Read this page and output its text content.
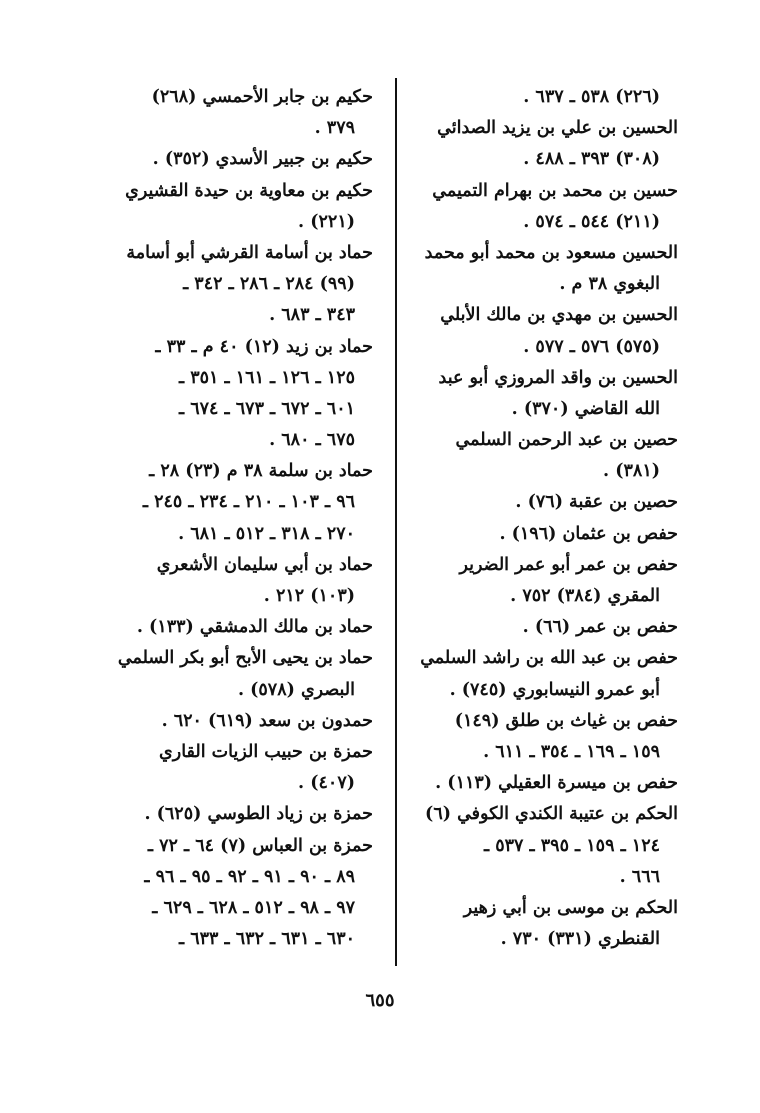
(٢٢٦) ٥٣٨ ـ ٦٣٧ .
الحسين بن علي بن يزيد الصدائي
(٣٠٨) ٣٩٣ ـ ٤٨٨ .
حسين بن محمد بن بهرام التميمي
(٢١١) ٥٤٤ ـ ٥٧٤ .
الحسين مسعود بن محمد أبو محمد
البغوي ٣٨ م .
الحسين بن مهدي بن مالك الأبلي
(٥٧٥) ٥٧٦ ـ ٥٧٧ .
الحسين بن واقد المروزي أبو عبد
الله القاضي (٣٧٠) .
حصين بن عبد الرحمن السلمي
(٣٨١) .
حصين بن عقبة (٧٦) .
حفص بن عثمان (١٩٦) .
حفص بن عمر أبو عمر الضرير
المقري (٣٨٤) ٧٥٢ .
حفص بن عمر (٦٦) .
حفص بن عبد الله بن راشد السلمي
أبو عمرو النيسابوري (٧٤٥) .
حفص بن غياث بن طلق (١٤٩)
١٥٩ ـ ١٦٩ ـ ٣٥٤ ـ ٦١١ .
حفص بن ميسرة العقيلي (١١٣) .
الحكم بن عتيبة الكندي الكوفي (٦)
١٢٤ ـ ١٥٩ ـ ٣٩٥ ـ ٥٣٧ ـ
٦٦٦ .
الحكم بن موسى بن أبي زهير
القنطري (٣٣١) ٧٣٠ .
حكيم بن جابر الأحمسي (٢٦٨)
٣٧٩ .
حكيم بن جبير الأسدي (٣٥٢) .
حكيم بن معاوية بن حيدة القشيري
(٢٢١) .
حماد بن أسامة القرشي أبو أسامة
(٩٩) ٢٨٤ ـ ٢٨٦ ـ ٣٤٢ ـ
٣٤٣ ـ ٦٨٣ .
حماد بن زيد (١٢) ٤٠ م ـ ٣٣ ـ
١٢٥ ـ ١٢٦ ـ ١٦١ ـ ٣٥١ ـ
٦٠١ ـ ٦٧٢ ـ ٦٧٣ ـ ٦٧٤ ـ
٦٧٥ ـ ٦٨٠ .
حماد بن سلمة ٣٨ م (٢٣) ٢٨ ـ
٩٦ ـ ١٠٣ ـ ٢١٠ ـ ٢٣٤ ـ ٢٤٥ ـ
٢٧٠ ـ ٣١٨ ـ ٥١٢ ـ ٦٨١ .
حماد بن أبي سليمان الأشعري
(١٠٣) ٢١٢ .
حماد بن مالك الدمشقي (١٣٣) .
حماد بن يحيى الأبح أبو بكر السلمي
البصري (٥٧٨) .
حمدون بن سعد (٦١٩) ٦٢٠ .
حمزة بن حبيب الزيات القاري
(٤٠٧) .
حمزة بن زياد الطوسي (٦٢٥) .
حمزة بن العباس (٧) ٦٤ ـ ٧٢ ـ
٨٩ ـ ٩٠ ـ ٩١ ـ ٩٢ ـ ٩٥ ـ ٩٦ ـ
٩٧ ـ ٩٨ ـ ٥١٢ ـ ٦٢٨ ـ ٦٢٩ ـ
٦٣٠ ـ ٦٣١ ـ ٦٣٢ ـ ٦٣٣ ـ
٦٥٥
